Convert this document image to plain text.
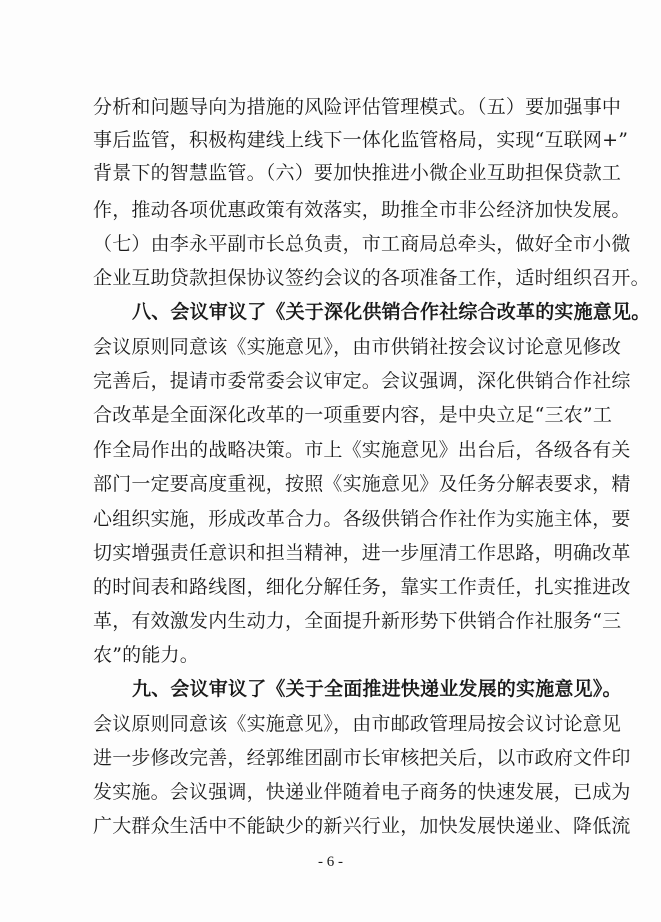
分析和问题导向为措施的风险评估管理模式。（五）要加强事中
事后监管，积极构建线上线下一体化监管格局，实现“互联网+”
背景下的智慧监管。（六）要加快推进小微企业互助担保贷款工
作，推动各项优惠政策有效落实，助推全市非公经济加快发展。
（七）由李永平副市长总负责，市工商局总牵头，做好全市小微
企业互助贷款担保协议签约会议的各项准备工作，适时组织召开。
八、会议审议了《关于深化供销合作社综合改革的实施意见。
会议原则同意该《实施意见》，由市供销社按会议讨论意见修改
完善后，提请市委常委会议审定。会议强调，深化供销合作社综
合改革是全面深化改革的一项重要内容，是中央立足“三农”工
作全局作出的战略决策。市上《实施意见》出台后，各级各有关
部门一定要高度重视，按照《实施意见》及任务分解表要求，精
心组织实施，形成改革合力。各级供销合作社作为实施主体，要
切实增强责任意识和担当精神，进一步厘清工作思路，明确改革
的时间表和路线图，细化分解任务，靠实工作责任，扎实推进改
革，有效激发内生动力，全面提升新形势下供销合作社服务“三
农”的能力。
九、会议审议了《关于全面推进快递业发展的实施意见》。
会议原则同意该《实施意见》，由市邮政管理局按会议讨论意见
进一步修改完善，经郭维团副市长审核把关后，以市政府文件印
发实施。会议强调，快递业伴随着电子商务的快速发展，已成为
广大群众生活中不能缺少的新兴行业，加快发展快递业、降低流
- 6 -
